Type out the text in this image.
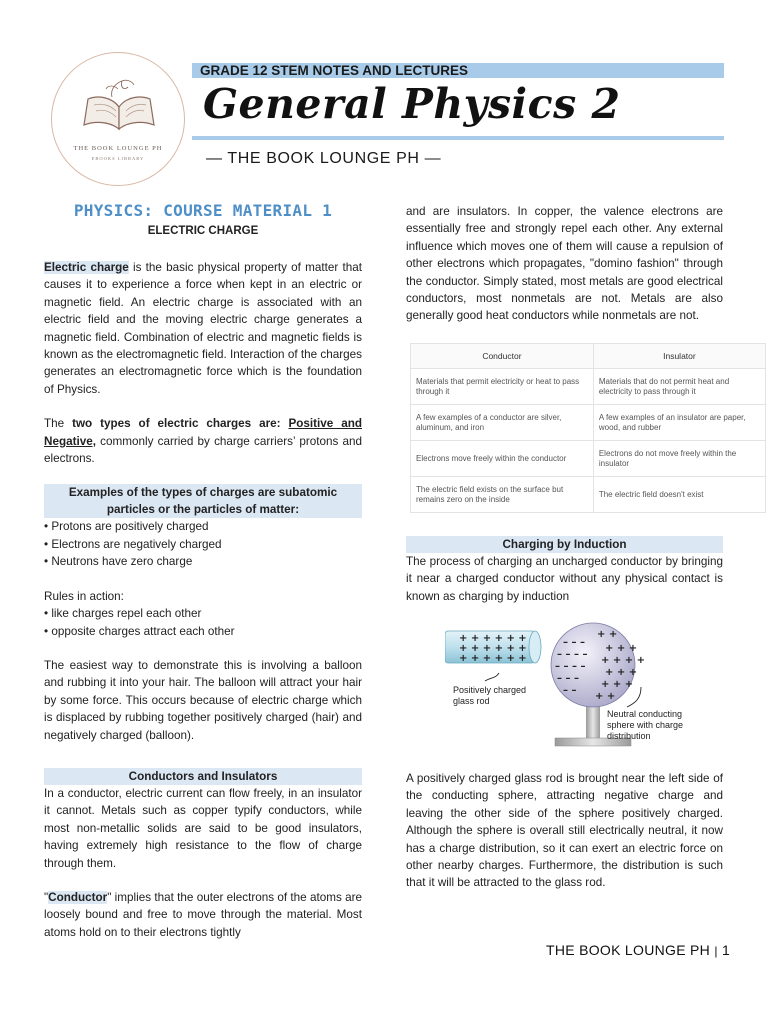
THE BOOK LOUNGE PH
EBOOKS LIBRARY
GRADE 12 STEM NOTES AND LECTURES
General Physics 2
— THE BOOK LOUNGE PH —
PHYSICS: COURSE MATERIAL 1
ELECTRIC CHARGE

Electric charge is the basic physical property of matter that causes it to experience a force when kept in an electric or magnetic field. An electric charge is associated with an electric field and the moving electric charge generates a magnetic field. Combination of electric and magnetic fields is known as the electromagnetic field. Interaction of the charges generates an electromagnetic force which is the foundation of Physics.

The two types of electric charges are: Positive and Negative, commonly carried by charge carriers’ protons and electrons.

Examples of the types of charges are subatomic particles or the particles of matter:
• Protons are positively charged
• Electrons are negatively charged
• Neutrons have zero charge
Rules in action:
• like charges repel each other
• opposite charges attract each other

The easiest way to demonstrate this is involving a balloon and rubbing it into your hair. The balloon will attract your hair by some force. This occurs because of electric charge which is displaced by rubbing together positively charged (hair) and negatively charged (balloon).

Conductors and Insulators

In a conductor, electric current can flow freely, in an insulator it cannot. Metals such as copper typify conductors, while most non-metallic solids are said to be good insulators, having extremely high resistance to the flow of charge through them.

"Conductor" implies that the outer electrons of the atoms are loosely bound and free to move through the material. Most atoms hold on to their electrons tightly

and are insulators. In copper, the valence electrons are essentially free and strongly repel each other. Any external influence which moves one of them will cause a repulsion of other electrons which propagates, "domino fashion" through the conductor. Simply stated, most metals are good electrical conductors, most nonmetals are not. Metals are also generally good heat conductors while nonmetals are not.

Conductor	Insulator
Materials that permit electricity or heat to pass through it	Materials that do not permit heat and electricity to pass through it
A few examples of a conductor are silver, aluminum, and iron	A few examples of an insulator are paper, wood, and rubber
Electrons move freely within the conductor	Electrons do not move freely within the insulator
The electric field exists on the surface but remains zero on the inside	The electric field doesn't exist
Charging by Induction

The process of charging an uncharged conductor by bringing it near a charged conductor without any physical contact is known as charging by induction

+ + + + + +
+ + + + + +
+ + + + + +
– – –
– – – –
– – – –
– – –
– –
+ +
+ + +
+ + + +
+ + +
+ + +
+ +
Positively charged glass rod
Neutral conducting sphere with charge distribution

A positively charged glass rod is brought near the left side of the conducting sphere, attracting negative charge and leaving the other side of the sphere positively charged. Although the sphere is overall still electrically neutral, it now has a charge distribution, so it can exert an electric force on other nearby charges. Furthermore, the distribution is such that it will be attracted to the glass rod.

THE BOOK LOUNGE PH | 1
